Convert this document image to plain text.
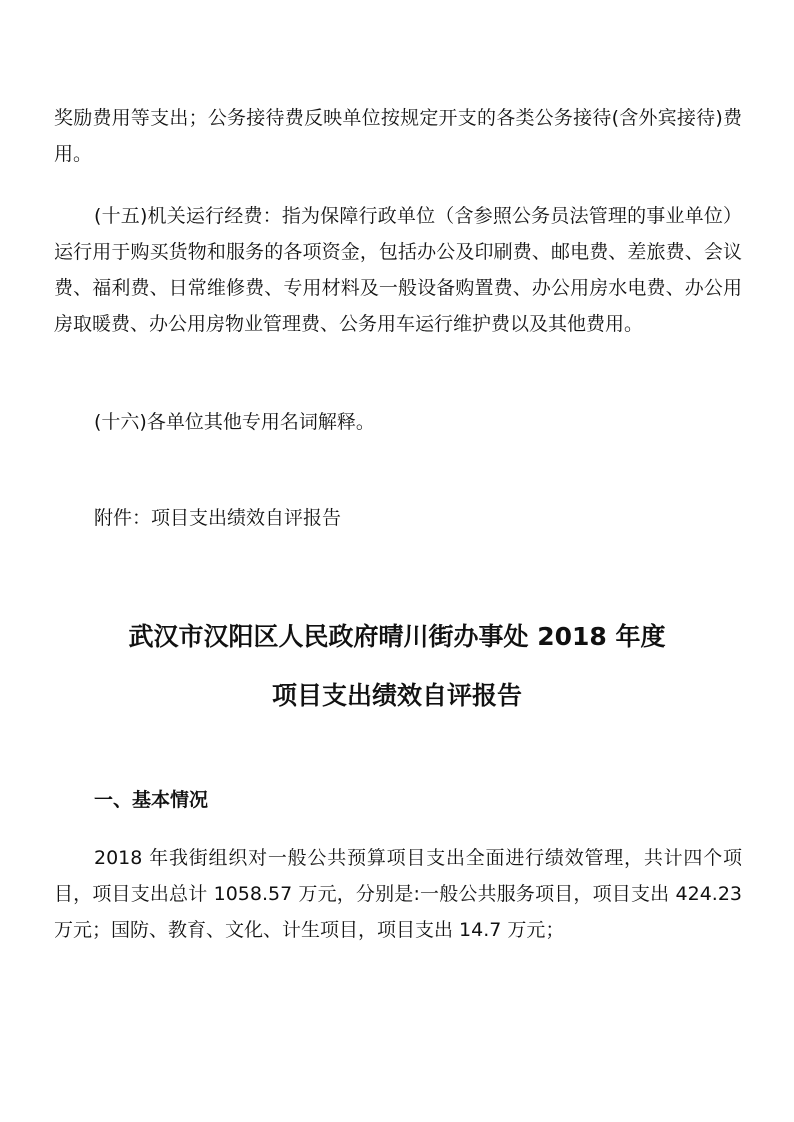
奖励费用等支出；公务接待费反映单位按规定开支的各类公务接待(含外宾接待)费用。

(十五)机关运行经费：指为保障行政单位（含参照公务员法管理的事业单位）运行用于购买货物和服务的各项资金，包括办公及印刷费、邮电费、差旅费、会议费、福利费、日常维修费、专用材料及一般设备购置费、办公用房水电费、办公用房取暖费、办公用房物业管理费、公务用车运行维护费以及其他费用。

(十六)各单位其他专用名词解释。

附件：项目支出绩效自评报告

武汉市汉阳区人民政府晴川街办事处 2018 年度
项目支出绩效自评报告
一、基本情况

2018 年我街组织对一般公共预算项目支出全面进行绩效管理，共计四个项目，项目支出总计 1058.57 万元，分别是:一般公共服务项目，项目支出 424.23 万元；国防、教育、文化、计生项目，项目支出 14.7 万元；
